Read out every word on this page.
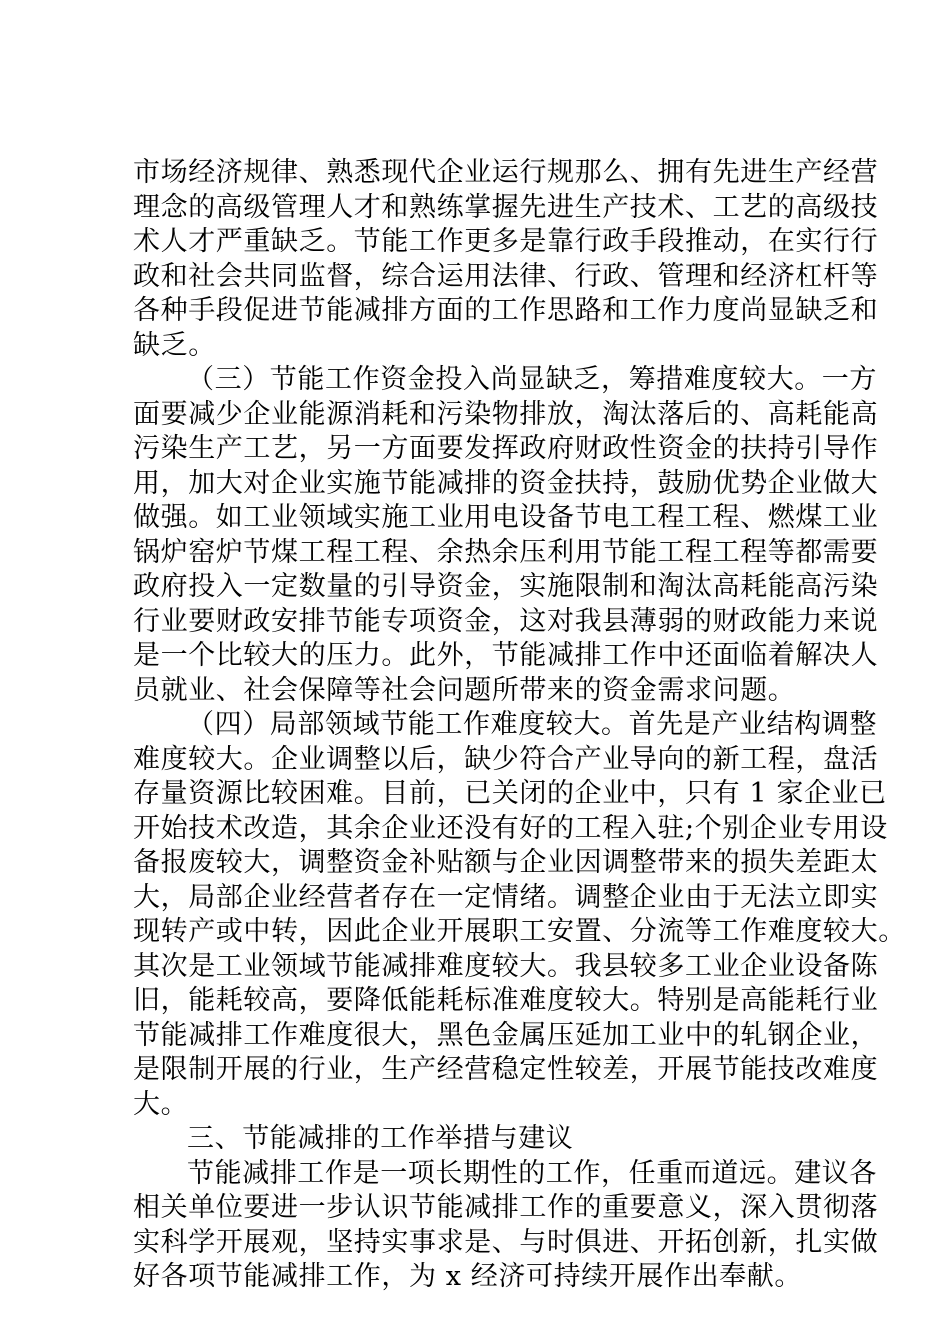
市场经济规律、熟悉现代企业运行规那么、拥有先进生产经营
理念的高级管理人才和熟练掌握先进生产技术、工艺的高级技
术人才严重缺乏。节能工作更多是靠行政手段推动，在实行行
政和社会共同监督，综合运用法律、行政、管理和经济杠杆等
各种手段促进节能减排方面的工作思路和工作力度尚显缺乏和
缺乏。
（三）节能工作资金投入尚显缺乏，筹措难度较大。一方
面要减少企业能源消耗和污染物排放，淘汰落后的、高耗能高
污染生产工艺，另一方面要发挥政府财政性资金的扶持引导作
用，加大对企业实施节能减排的资金扶持，鼓励优势企业做大
做强。如工业领域实施工业用电设备节电工程工程、燃煤工业
锅炉窑炉节煤工程工程、余热余压利用节能工程工程等都需要
政府投入一定数量的引导资金，实施限制和淘汰高耗能高污染
行业要财政安排节能专项资金，这对我县薄弱的财政能力来说
是一个比较大的压力。此外，节能减排工作中还面临着解决人
员就业、社会保障等社会问题所带来的资金需求问题。
（四）局部领域节能工作难度较大。首先是产业结构调整
难度较大。企业调整以后，缺少符合产业导向的新工程，盘活
存量资源比较困难。目前，已关闭的企业中，只有 1 家企业已
开始技术改造，其余企业还没有好的工程入驻;个别企业专用设
备报废较大，调整资金补贴额与企业因调整带来的损失差距太
大，局部企业经营者存在一定情绪。调整企业由于无法立即实
现转产或中转，因此企业开展职工安置、分流等工作难度较大。
其次是工业领域节能减排难度较大。我县较多工业企业设备陈
旧，能耗较高，要降低能耗标准难度较大。特别是高能耗行业
节能减排工作难度很大，黑色金属压延加工业中的轧钢企业，
是限制开展的行业，生产经营稳定性较差，开展节能技改难度
大。
三、节能减排的工作举措与建议
节能减排工作是一项长期性的工作，任重而道远。建议各
相关单位要进一步认识节能减排工作的重要意义，深入贯彻落
实科学开展观，坚持实事求是、与时俱进、开拓创新，扎实做
好各项节能减排工作，为 x 经济可持续开展作出奉献。
